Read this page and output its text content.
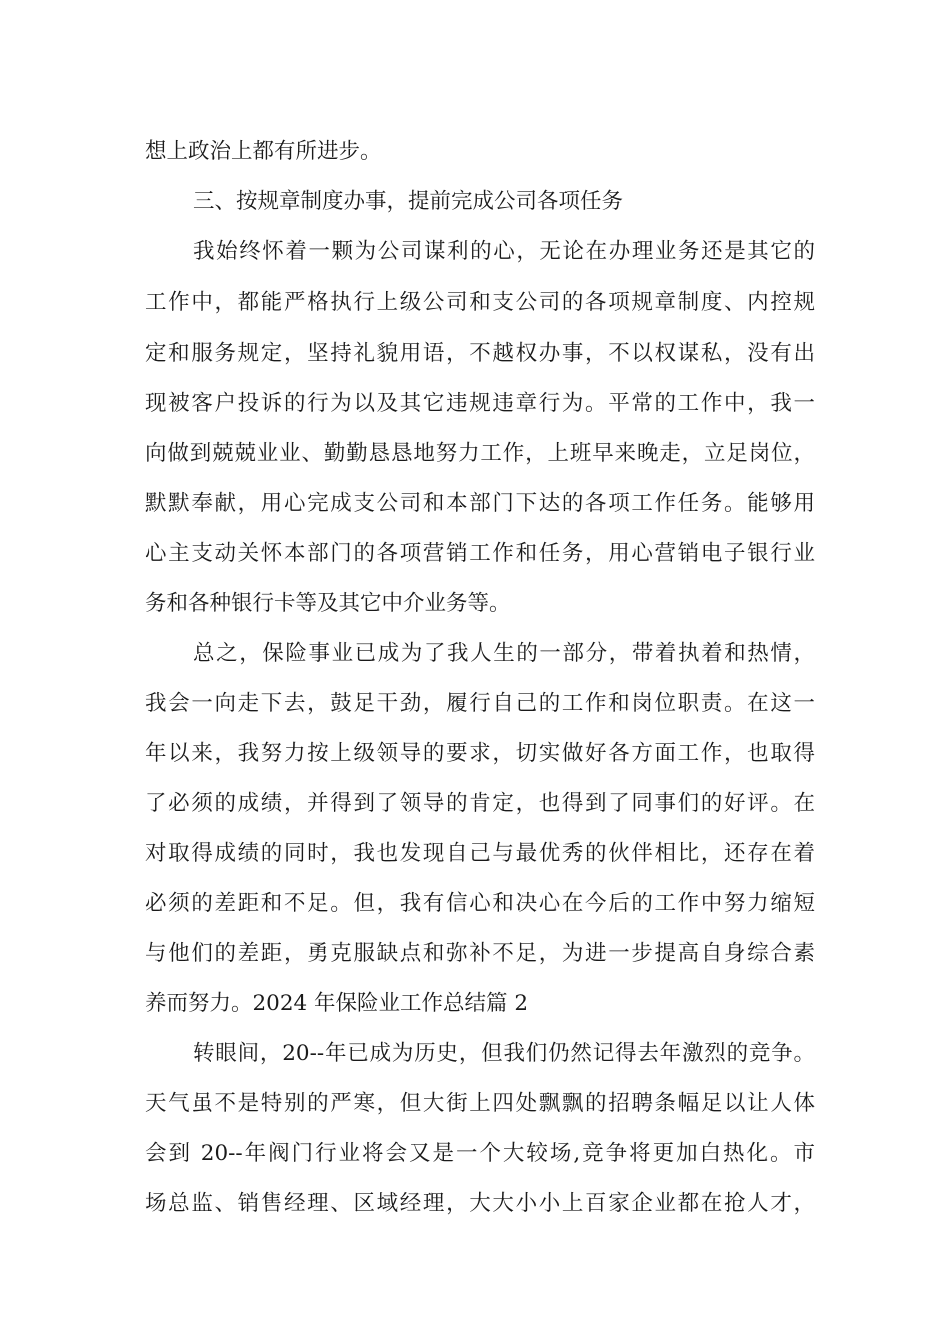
想上政治上都有所进步。
三、按规章制度办事，提前完成公司各项任务
我始终怀着一颗为公司谋利的心，无论在办理业务还是其它的
工作中，都能严格执行上级公司和支公司的各项规章制度、内控规
定和服务规定，坚持礼貌用语，不越权办事，不以权谋私，没有出
现被客户投诉的行为以及其它违规违章行为。平常的工作中，我一
向做到兢兢业业、勤勤恳恳地努力工作，上班早来晚走，立足岗位，
默默奉献，用心完成支公司和本部门下达的各项工作任务。能够用
心主支动关怀本部门的各项营销工作和任务，用心营销电子银行业
务和各种银行卡等及其它中介业务等。
总之，保险事业已成为了我人生的一部分，带着执着和热情，
我会一向走下去，鼓足干劲，履行自己的工作和岗位职责。在这一
年以来，我努力按上级领导的要求，切实做好各方面工作，也取得
了必须的成绩，并得到了领导的肯定，也得到了同事们的好评。在
对取得成绩的同时，我也发现自己与最优秀的伙伴相比，还存在着
必须的差距和不足。但，我有信心和决心在今后的工作中努力缩短
与他们的差距，勇克服缺点和弥补不足，为进一步提高自身综合素
养而努力。2024 年保险业工作总结篇 2
转眼间，20--年已成为历史，但我们仍然记得去年激烈的竞争。
天气虽不是特别的严寒，但大街上四处飘飘的招聘条幅足以让人体
会到 20--年阀门行业将会又是一个大较场,竞争将更加白热化。市
场总监、销售经理、区域经理，大大小小上百家企业都在抢人才，
